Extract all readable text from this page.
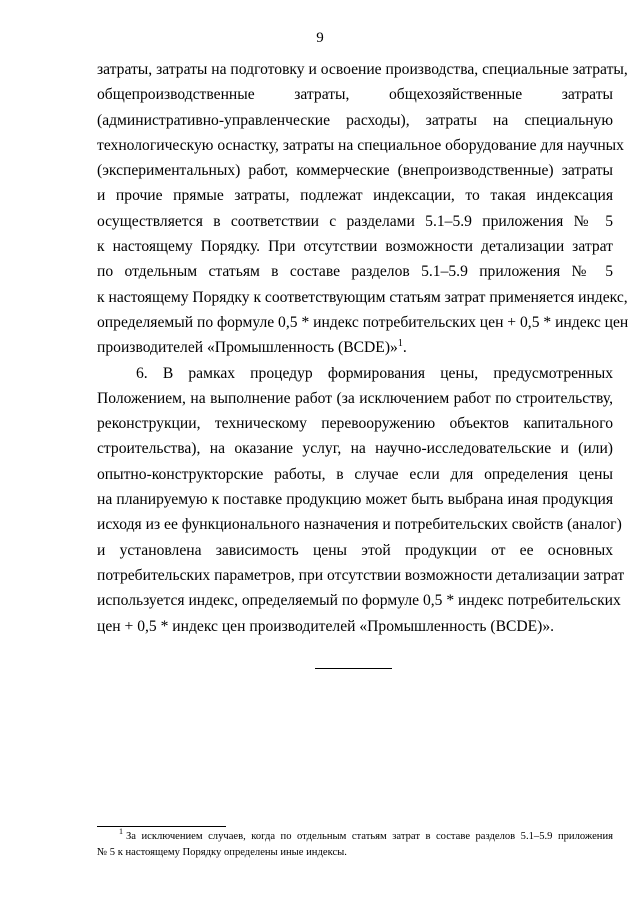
9
затраты, затраты на подготовку и освоение производства, специальные затраты,
общепроизводственные затраты, общехозяйственные затраты
(административно-управленческие расходы), затраты на специальную
технологическую оснастку, затраты на специальное оборудование для научных
(экспериментальных) работ, коммерческие (внепроизводственные) затраты
и прочие прямые затраты, подлежат индексации, то такая индексация
осуществляется в соответствии с разделами 5.1–5.9 приложения № 5
к настоящему Порядку. При отсутствии возможности детализации затрат
по отдельным статьям в составе разделов 5.1–5.9 приложения № 5
к настоящему Порядку к соответствующим статьям затрат применяется индекс,
определяемый по формуле 0,5 * индекс потребительских цен + 0,5 * индекс цен
производителей «Промышленность (BCDE)»$^1$.
6. В рамках процедур формирования цены, предусмотренных
Положением, на выполнение работ (за исключением работ по строительству,
реконструкции, техническому перевооружению объектов капитального
строительства), на оказание услуг, на научно-исследовательские и (или)
опытно-конструкторские работы, в случае если для определения цены
на планируемую к поставке продукцию может быть выбрана иная продукция
исходя из ее функционального назначения и потребительских свойств (аналог)
и установлена зависимость цены этой продукции от ее основных
потребительских параметров, при отсутствии возможности детализации затрат
используется индекс, определяемый по формуле 0,5 * индекс потребительских
цен + 0,5 * индекс цен производителей «Промышленность (BCDE)».
$^1$ За исключением случаев, когда по отдельным статьям затрат в составе разделов 5.1–5.9 приложения
№ 5 к настоящему Порядку определены иные индексы.
